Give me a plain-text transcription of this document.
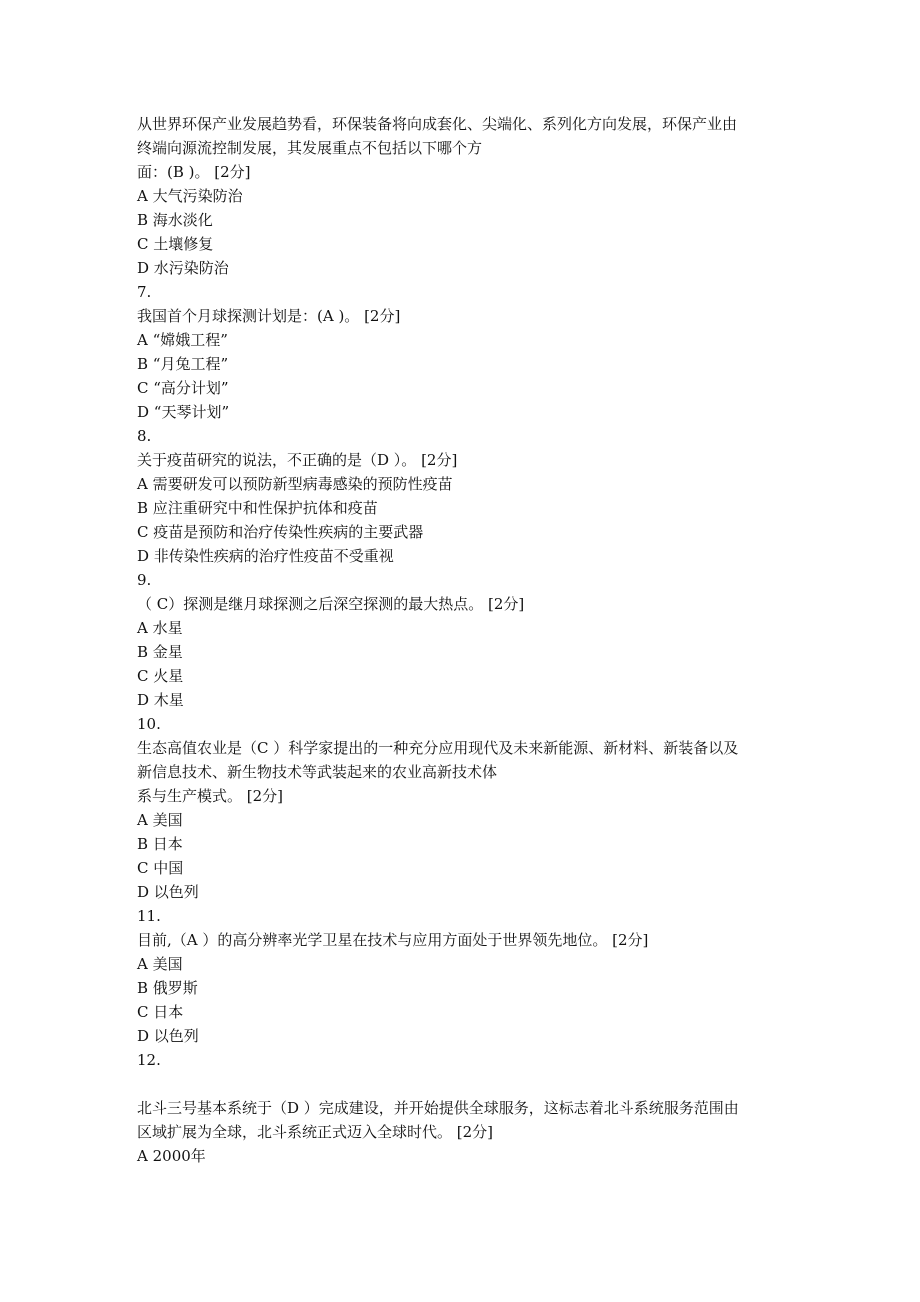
从世界环保产业发展趋势看，环保装备将向成套化、尖端化、系列化方向发展，环保产业由
终端向源流控制发展，其发展重点不包括以下哪个方
面：(B )。 [2分]
A 大气污染防治
B 海水淡化
C 土壤修复
D 水污染防治
7.
我国首个月球探测计划是：(A )。 [2分]
A “嫦娥工程”
B “月兔工程”
C “高分计划”
D “天琴计划”
8.
关于疫苗研究的说法，不正确的是（D ）。 [2分]
A 需要研发可以预防新型病毒感染的预防性疫苗
B 应注重研究中和性保护抗体和疫苗
C 疫苗是预防和治疗传染性疾病的主要武器
D 非传染性疾病的治疗性疫苗不受重视
9.
（ C）探测是继月球探测之后深空探测的最大热点。 [2分]
A 水星
B 金星
C 火星
D 木星
10.
生态高值农业是（C ）科学家提出的一种充分应用现代及未来新能源、新材料、新装备以及
新信息技术、新生物技术等武装起来的农业高新技术体
系与生产模式。 [2分]
A 美国
B 日本
C 中国
D 以色列
11.
目前,（A ）的高分辨率光学卫星在技术与应用方面处于世界领先地位。 [2分]
A 美国
B 俄罗斯
C 日本
D 以色列
12.
北斗三号基本系统于（D ）完成建设，并开始提供全球服务，这标志着北斗系统服务范围由
区域扩展为全球，北斗系统正式迈入全球时代。 [2分]
A 2000年
